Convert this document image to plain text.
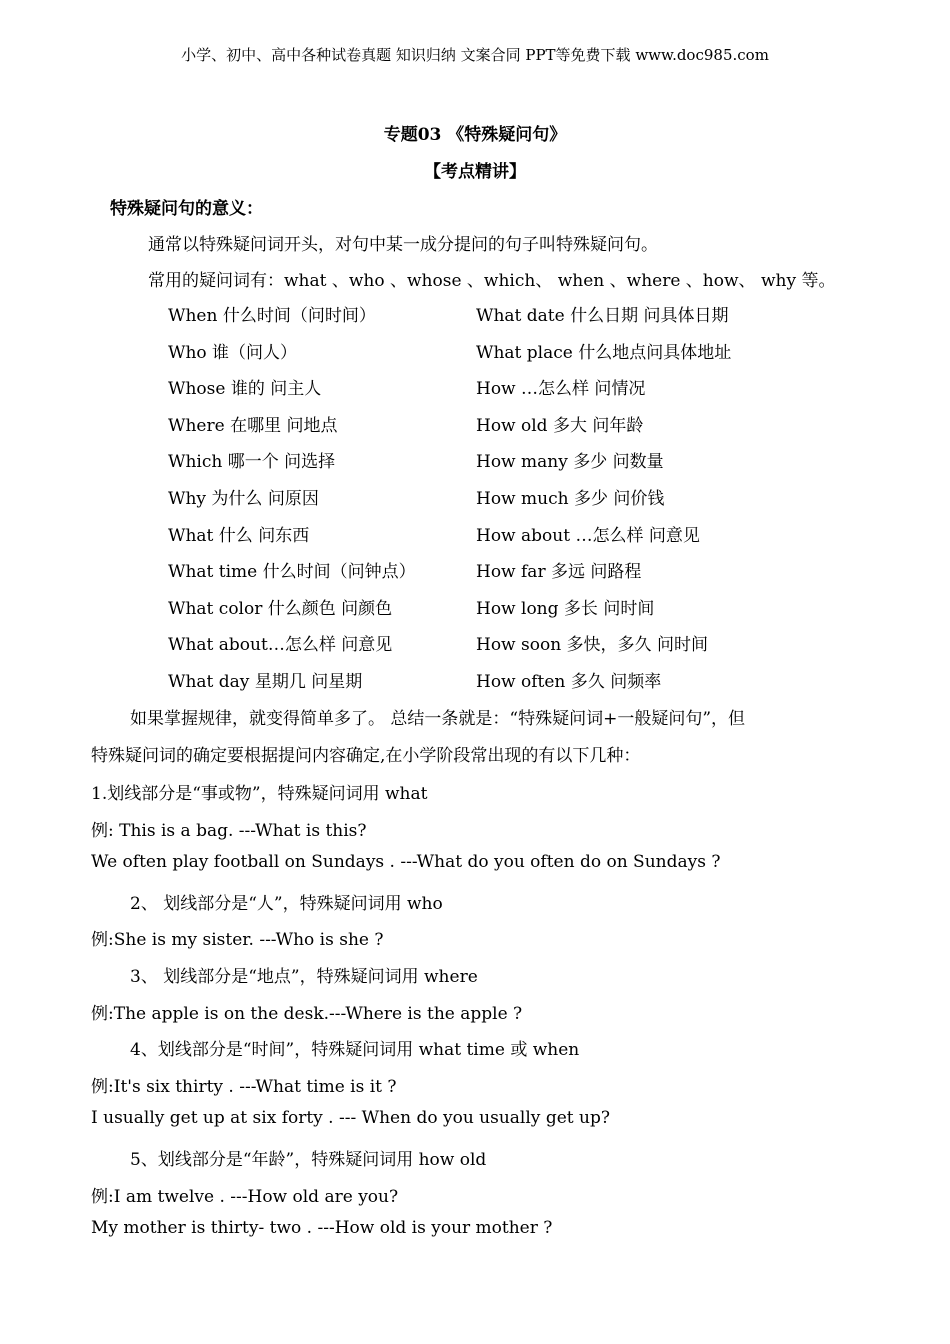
小学、初中、高中各种试卷真题 知识归纳 文案合同 PPT等免费下载 www.doc985.com
专题03 《特殊疑问句》
【考点精讲】
特殊疑问句的意义：
通常以特殊疑问词开头，对句中某一成分提问的句子叫特殊疑问句。
常用的疑问词有：what 、who 、whose 、which、 when 、where 、how、 why 等。
When 什么时间（问时间）	What date 什么日期 问具体日期
Who 谁（问人）	What place 什么地点问具体地址
Whose 谁的 问主人	How …怎么样 问情况
Where 在哪里 问地点	How old 多大 问年龄
Which 哪一个 问选择	How many 多少 问数量
Why 为什么 问原因	How much 多少 问价钱
What 什么 问东西	How about …怎么样 问意见
What time 什么时间（问钟点）	How far 多远 问路程
What color 什么颜色 问颜色	How long 多长 问时间
What about…怎么样 问意见	How soon 多快，多久 问时间
What day 星期几 问星期	How often 多久 问频率
如果掌握规律，就变得简单多了。 总结一条就是：“特殊疑问词+一般疑问句”，但
特殊疑问词的确定要根据提问内容确定,在小学阶段常出现的有以下几种：
1.划线部分是“事或物”，特殊疑问词用 what
例: This is a bag. ---What is this?
We often play football on Sundays . ---What do you often do on Sundays ?
2、 划线部分是“人”，特殊疑问词用 who
例:She is my sister. ---Who is she ?
3、 划线部分是“地点”，特殊疑问词用 where
例:The apple is on the desk.---Where is the apple ?
4、划线部分是“时间”，特殊疑问词用 what time 或 when
例:It's six thirty . ---What time is it ?
I usually get up at six forty . --- When do you usually get up?
5、划线部分是“年龄”，特殊疑问词用 how old
例:I am twelve . ---How old are you?
My mother is thirty- two . ---How old is your mother ?
